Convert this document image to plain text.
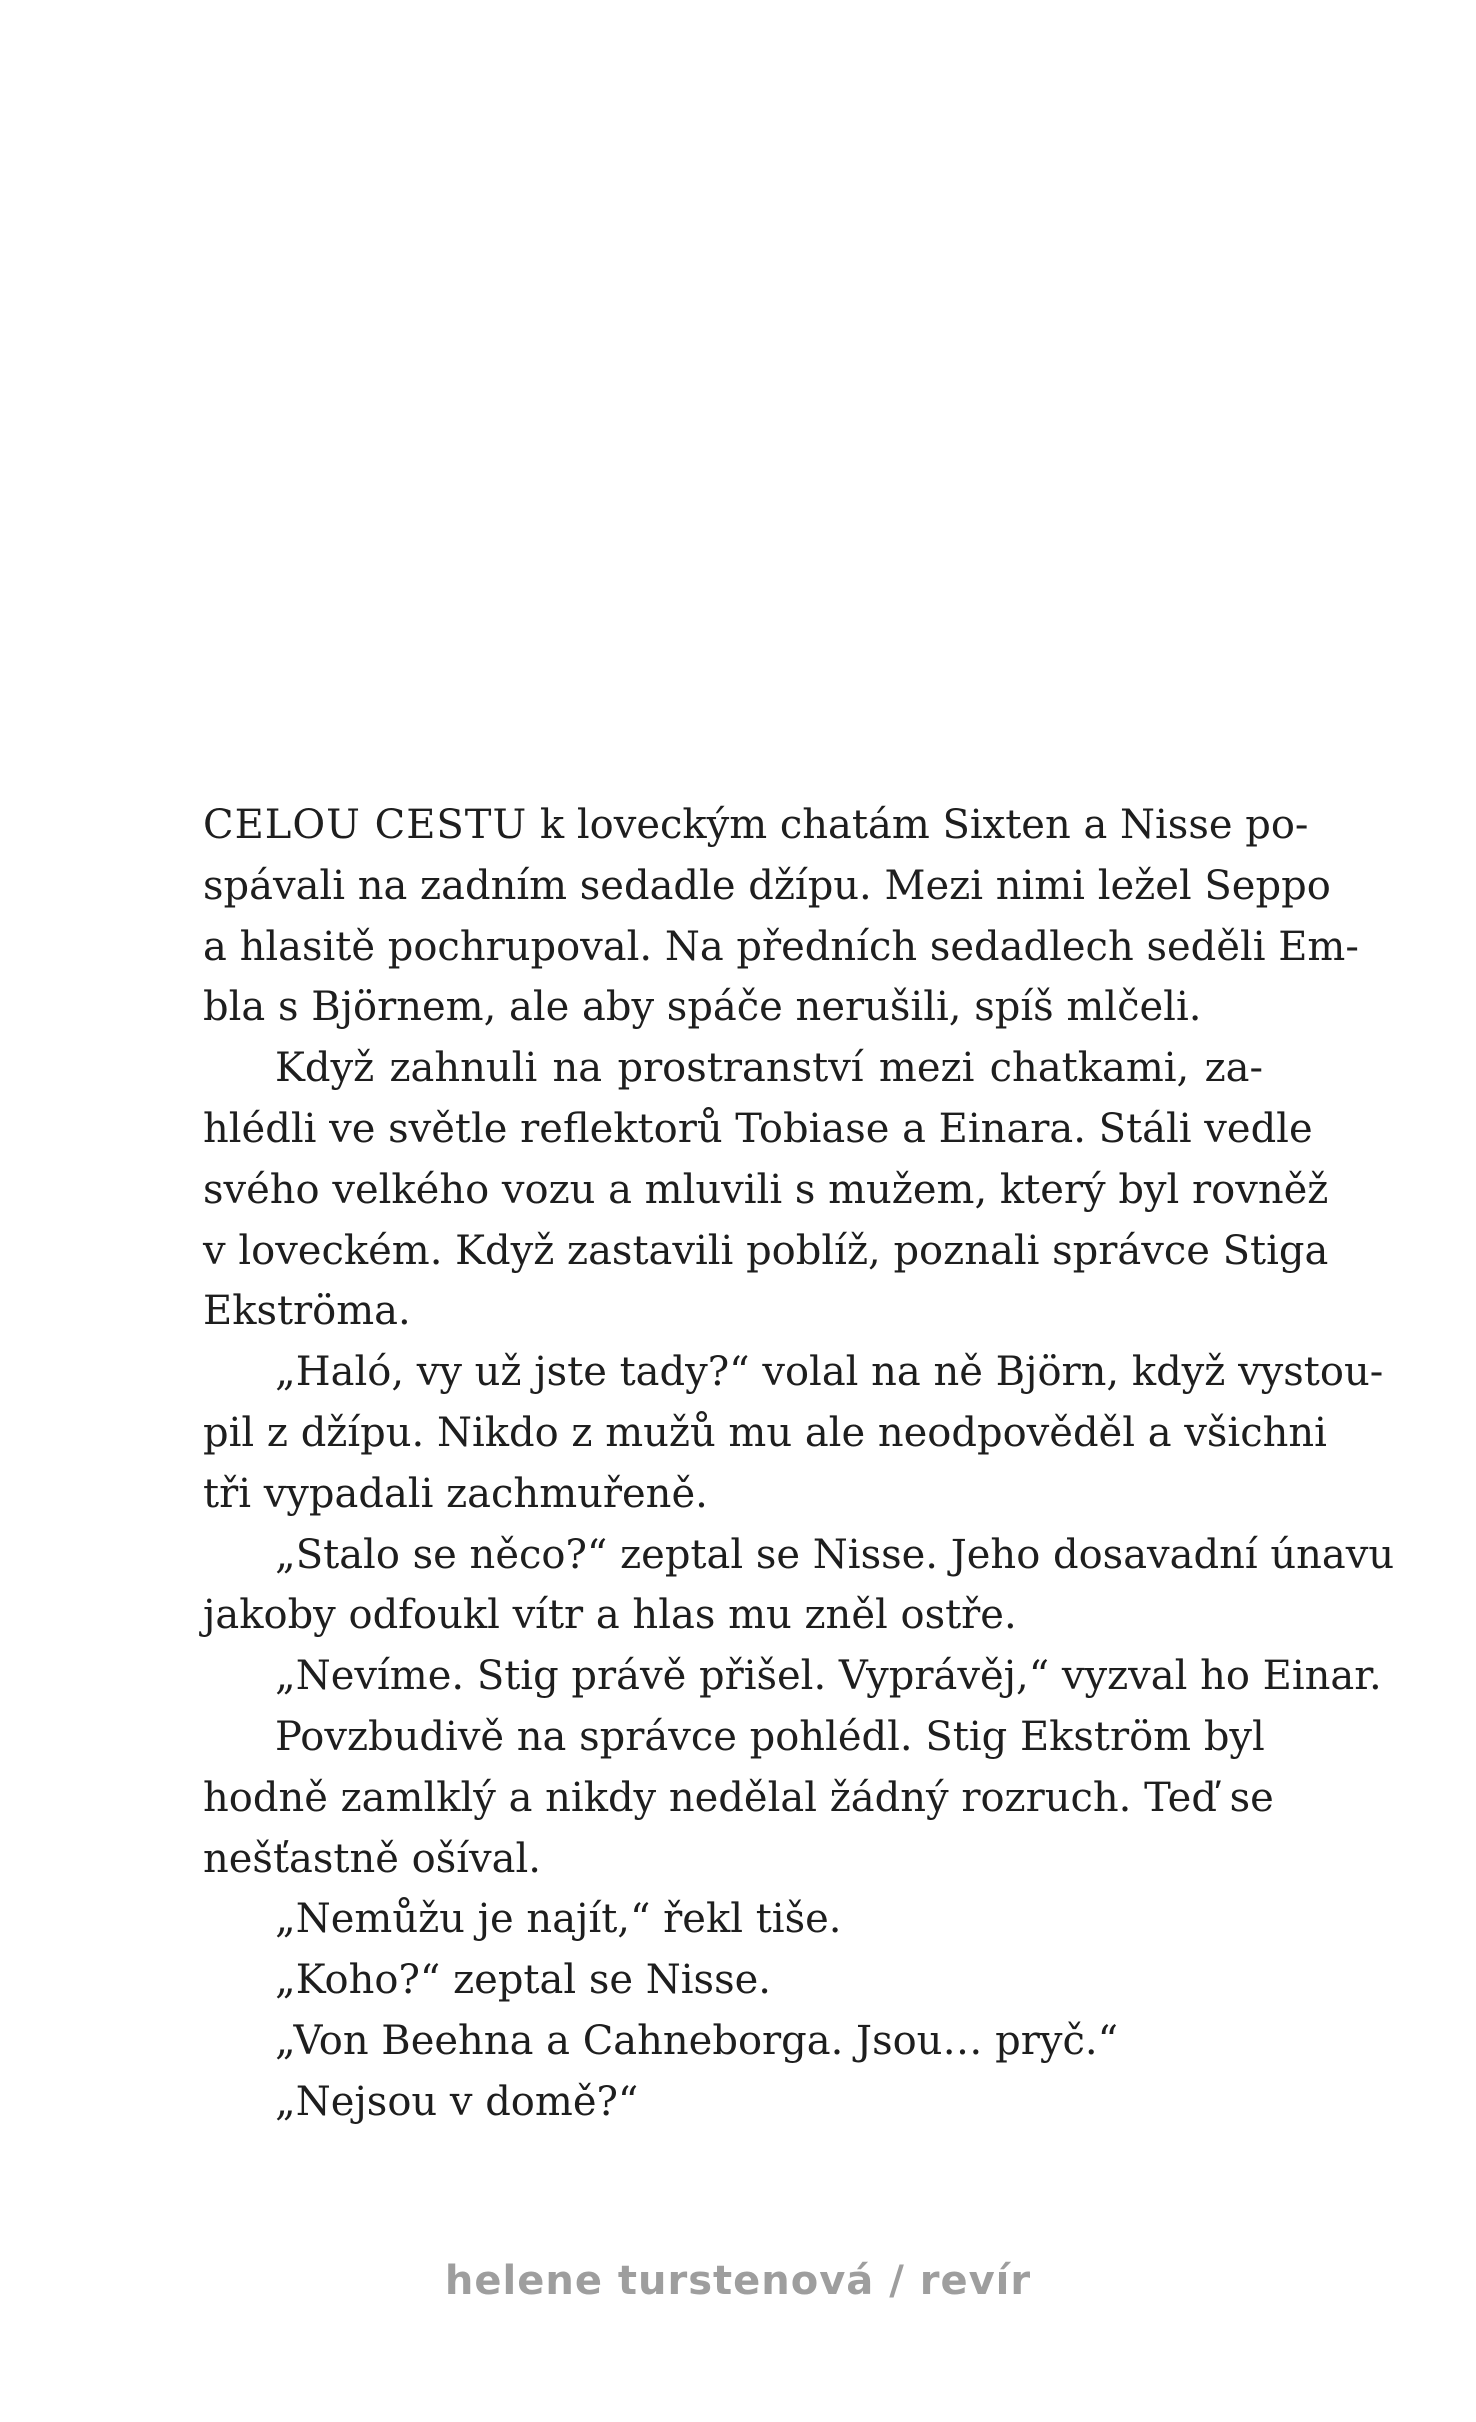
CELOU CESTU k loveckým chatám Sixten a Nisse po-
spávali na zadním sedadle džípu. Mezi nimi ležel Seppo
a hlasitě pochrupoval. Na předních sedadlech seděli Em-
bla s Björnem, ale aby spáče nerušili, spíš mlčeli.
Když zahnuli na prostranství mezi chatkami, za-
hlédli ve světle reflektorů Tobiase a Einara. Stáli vedle
svého velkého vozu a mluvili s mužem, který byl rovněž
v loveckém. Když zastavili poblíž, poznali správce Stiga
Ekströma.
„Haló, vy už jste tady?“ volal na ně Björn, když vystou-
pil z džípu. Nikdo z mužů mu ale neodpověděl a všichni
tři vypadali zachmuřeně.
„Stalo se něco?“ zeptal se Nisse. Jeho dosavadní únavu
jakoby odfoukl vítr a hlas mu zněl ostře.
„Nevíme. Stig právě přišel. Vyprávěj,“ vyzval ho Einar.
Povzbudivě na správce pohlédl. Stig Ekström byl
hodně zamlklý a nikdy nedělal žádný rozruch. Teď se
nešťastně ošíval.
„Nemůžu je najít,“ řekl tiše.
„Koho?“ zeptal se Nisse.
„Von Beehna a Cahneborga. Jsou… pryč.“
„Nejsou v domě?“
helene turstenová / revír
